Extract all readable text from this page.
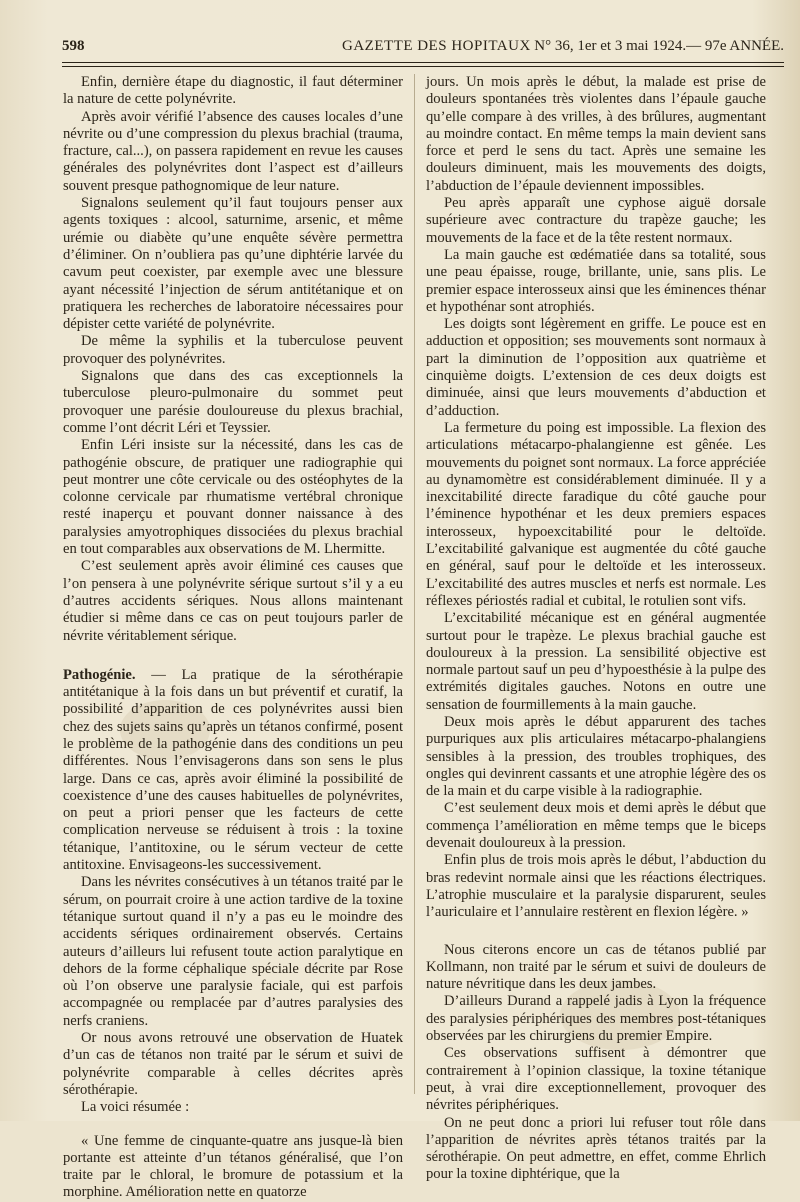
598	GAZETTE DES HOPITAUX N° 36, 1er et 3 mai 1924.— 97e ANNÉE.

Enfin, dernière étape du diagnostic, il faut déterminer la nature de cette polynévrite.

Après avoir vérifié l’absence des causes locales d’une névrite ou d’une compression du plexus brachial (trauma, fracture, cal...), on passera rapidement en revue les causes générales des polynévrites dont l’aspect est d’ailleurs souvent presque pathognomique de leur nature.

Signalons seulement qu’il faut toujours penser aux agents toxiques : alcool, saturnime, arsenic, et même urémie ou diabète qu’une enquête sévère permettra d’éliminer. On n’oubliera pas qu’une diphtérie larvée du cavum peut coexister, par exemple avec une blessure ayant nécessité l’injection de sérum antitétanique et on pratiquera les recherches de laboratoire nécessaires pour dépister cette variété de polynévrite.

De même la syphilis et la tuberculose peuvent provoquer des polynévrites.

Signalons que dans des cas exceptionnels la tuberculose pleuro-pulmonaire du sommet peut provoquer une parésie douloureuse du plexus brachial, comme l’ont décrit Léri et Teyssier.

Enfin Léri insiste sur la nécessité, dans les cas de pathogénie obscure, de pratiquer une radiographie qui peut montrer une côte cervicale ou des ostéophytes de la colonne cervicale par rhumatisme vertébral chronique resté inaperçu et pouvant donner naissance à des paralysies amyotrophiques dissociées du plexus brachial en tout comparables aux observations de M. Lhermitte.

C’est seulement après avoir éliminé ces causes que l’on pensera à une polynévrite sérique surtout s’il y a eu d’autres accidents sériques. Nous allons maintenant étudier si même dans ce cas on peut toujours parler de névrite véritablement sérique.

Pathogénie. — La pratique de la sérothérapie antitétanique à la fois dans un but préventif et curatif, la possibilité d’apparition de ces polynévrites aussi bien chez des sujets sains qu’après un tétanos confirmé, posent le problème de la pathogénie dans des conditions un peu différentes. Nous l’envisagerons dans son sens le plus large. Dans ce cas, après avoir éliminé la possibilité de coexistence d’une des causes habituelles de polynévrites, on peut a priori penser que les facteurs de cette complication nerveuse se réduisent à trois : la toxine tétanique, l’antitoxine, ou le sérum vecteur de cette antitoxine. Envisageons-les successivement.

Dans les névrites consécutives à un tétanos traité par le sérum, on pourrait croire à une action tardive de la toxine tétanique surtout quand il n’y a pas eu le moindre des accidents sériques ordinairement observés. Certains auteurs d’ailleurs lui refusent toute action paralytique en dehors de la forme céphalique spéciale décrite par Rose où l’on observe une paralysie faciale, qui est parfois accompagnée ou remplacée par d’autres paralysies des nerfs craniens.

Or nous avons retrouvé une observation de Huatek d’un cas de tétanos non traité par le sérum et suivi de polynévrite comparable à celles décrites après sérothérapie.

La voici résumée :

« Une femme de cinquante-quatre ans jusque-là bien portante est atteinte d’un tétanos généralisé, que l’on traite par le chloral, le bromure de potassium et la morphine. Amélioration nette en quatorze

jours. Un mois après le début, la malade est prise de douleurs spontanées très violentes dans l’épaule gauche qu’elle compare à des vrilles, à des brûlures, augmentant au moindre contact. En même temps la main devient sans force et perd le sens du tact. Après une semaine les douleurs diminuent, mais les mouvements des doigts, l’abduction de l’épaule deviennent impossibles.

Peu après apparaît une cyphose aiguë dorsale supérieure avec contracture du trapèze gauche; les mouvements de la face et de la tête restent normaux.

La main gauche est œdématiée dans sa totalité, sous une peau épaisse, rouge, brillante, unie, sans plis. Le premier espace interosseux ainsi que les éminences thénar et hypothénar sont atrophiés.

Les doigts sont légèrement en griffe. Le pouce est en adduction et opposition; ses mouvements sont normaux à part la diminution de l’opposition aux quatrième et cinquième doigts. L’extension de ces deux doigts est diminuée, ainsi que leurs mouvements d’abduction et d’adduction.

La fermeture du poing est impossible. La flexion des articulations métacarpo-phalangienne est gênée. Les mouvements du poignet sont normaux. La force appréciée au dynamomètre est considérablement diminuée. Il y a inexcitabilité directe faradique du côté gauche pour l’éminence hypothénar et les deux premiers espaces interosseux, hypoexcitabilité pour le deltoïde. L’excitabilité galvanique est augmentée du côté gauche en général, sauf pour le deltoïde et les interosseux. L’excitabilité des autres muscles et nerfs est normale. Les réflexes périostés radial et cubital, le rotulien sont vifs.

L’excitabilité mécanique est en général augmentée surtout pour le trapèze. Le plexus brachial gauche est douloureux à la pression. La sensibilité objective est normale partout sauf un peu d’hypoesthésie à la pulpe des extrémités digitales gauches. Notons en outre une sensation de fourmillements à la main gauche.

Deux mois après le début apparurent des taches purpuriques aux plis articulaires métacarpo-phalangiens sensibles à la pression, des troubles trophiques, des ongles qui devinrent cassants et une atrophie légère des os de la main et du carpe visible à la radiographie.

C’est seulement deux mois et demi après le début que commença l’amélioration en même temps que le biceps devenait douloureux à la pression.

Enfin plus de trois mois après le début, l’abduction du bras redevint normale ainsi que les réactions électriques. L’atrophie musculaire et la paralysie disparurent, seules l’auriculaire et l’annulaire restèrent en flexion légère. »

Nous citerons encore un cas de tétanos publié par Kollmann, non traité par le sérum et suivi de douleurs de nature névritique dans les deux jambes.

D’ailleurs Durand a rappelé jadis à Lyon la fréquence des paralysies périphériques des membres post-tétaniques observées par les chirurgiens du premier Empire.

Ces observations suffisent à démontrer que contrairement à l’opinion classique, la toxine tétanique peut, à vrai dire exceptionnellement, provoquer des névrites périphériques.

On ne peut donc a priori lui refuser tout rôle dans l’apparition de névrites après tétanos traités par la sérothérapie. On peut admettre, en effet, comme Ehrlich pour la toxine diphtérique, que la
